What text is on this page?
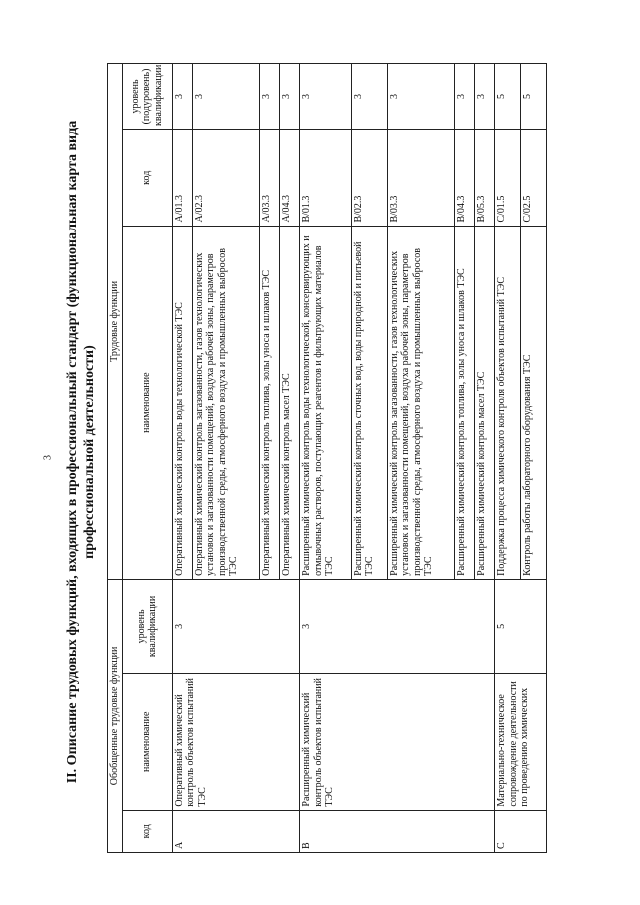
3 II. Описание трудовых функций, входящих в профессиональный стандарт (функциональная карта вида профессиональной деятельности)
Обобщенные трудовые функции			Трудовые функции		
код	наименование	уровень квалификации	наименование	код	уровень (подуровень) квалификации
A	Оперативный химический контроль объектов испытаний ТЭС	3	Оперативный химический контроль воды технологической ТЭС	A/01.3	3
			Оперативный химический контроль загазованности, газов технологических установок и загазованности помещений, воздуха рабочей зоны, параметров производственной среды, атмосферного воздуха и промышленных выбросов ТЭС	A/02.3	3
			Оперативный химический контроль топлива, золы уноса и шлаков ТЭС	A/03.3	3
			Оперативный химический контроль масел ТЭС	A/04.3	3
B	Расширенный химический контроль объектов испытаний ТЭС	3	Расширенный химический контроль воды технологической, консервирующих и отмывочных растворов, поступающих реагентов и фильтрующих материалов ТЭС	B/01.3	3
			Расширенный химический контроль сточных вод, воды природной и питьевой ТЭС	B/02.3	3
			Расширенный химический контроль загазованности, газов технологических установок и загазованности помещений, воздуха рабочей зоны, параметров производственной среды, атмосферного воздуха и промышленных выбросов ТЭС	B/03.3	3
			Расширенный химический контроль топлива, золы уноса и шлаков ТЭС	B/04.3	3
			Расширенный химический контроль масел ТЭС	B/05.3	3
C	Материально-техническое сопровождение деятельности по проведению химических	5	Поддержка процесса химического контроля объектов испытаний ТЭС	C/01.5	5
			Контроль работы лабораторного оборудования ТЭС	C/02.5	5
